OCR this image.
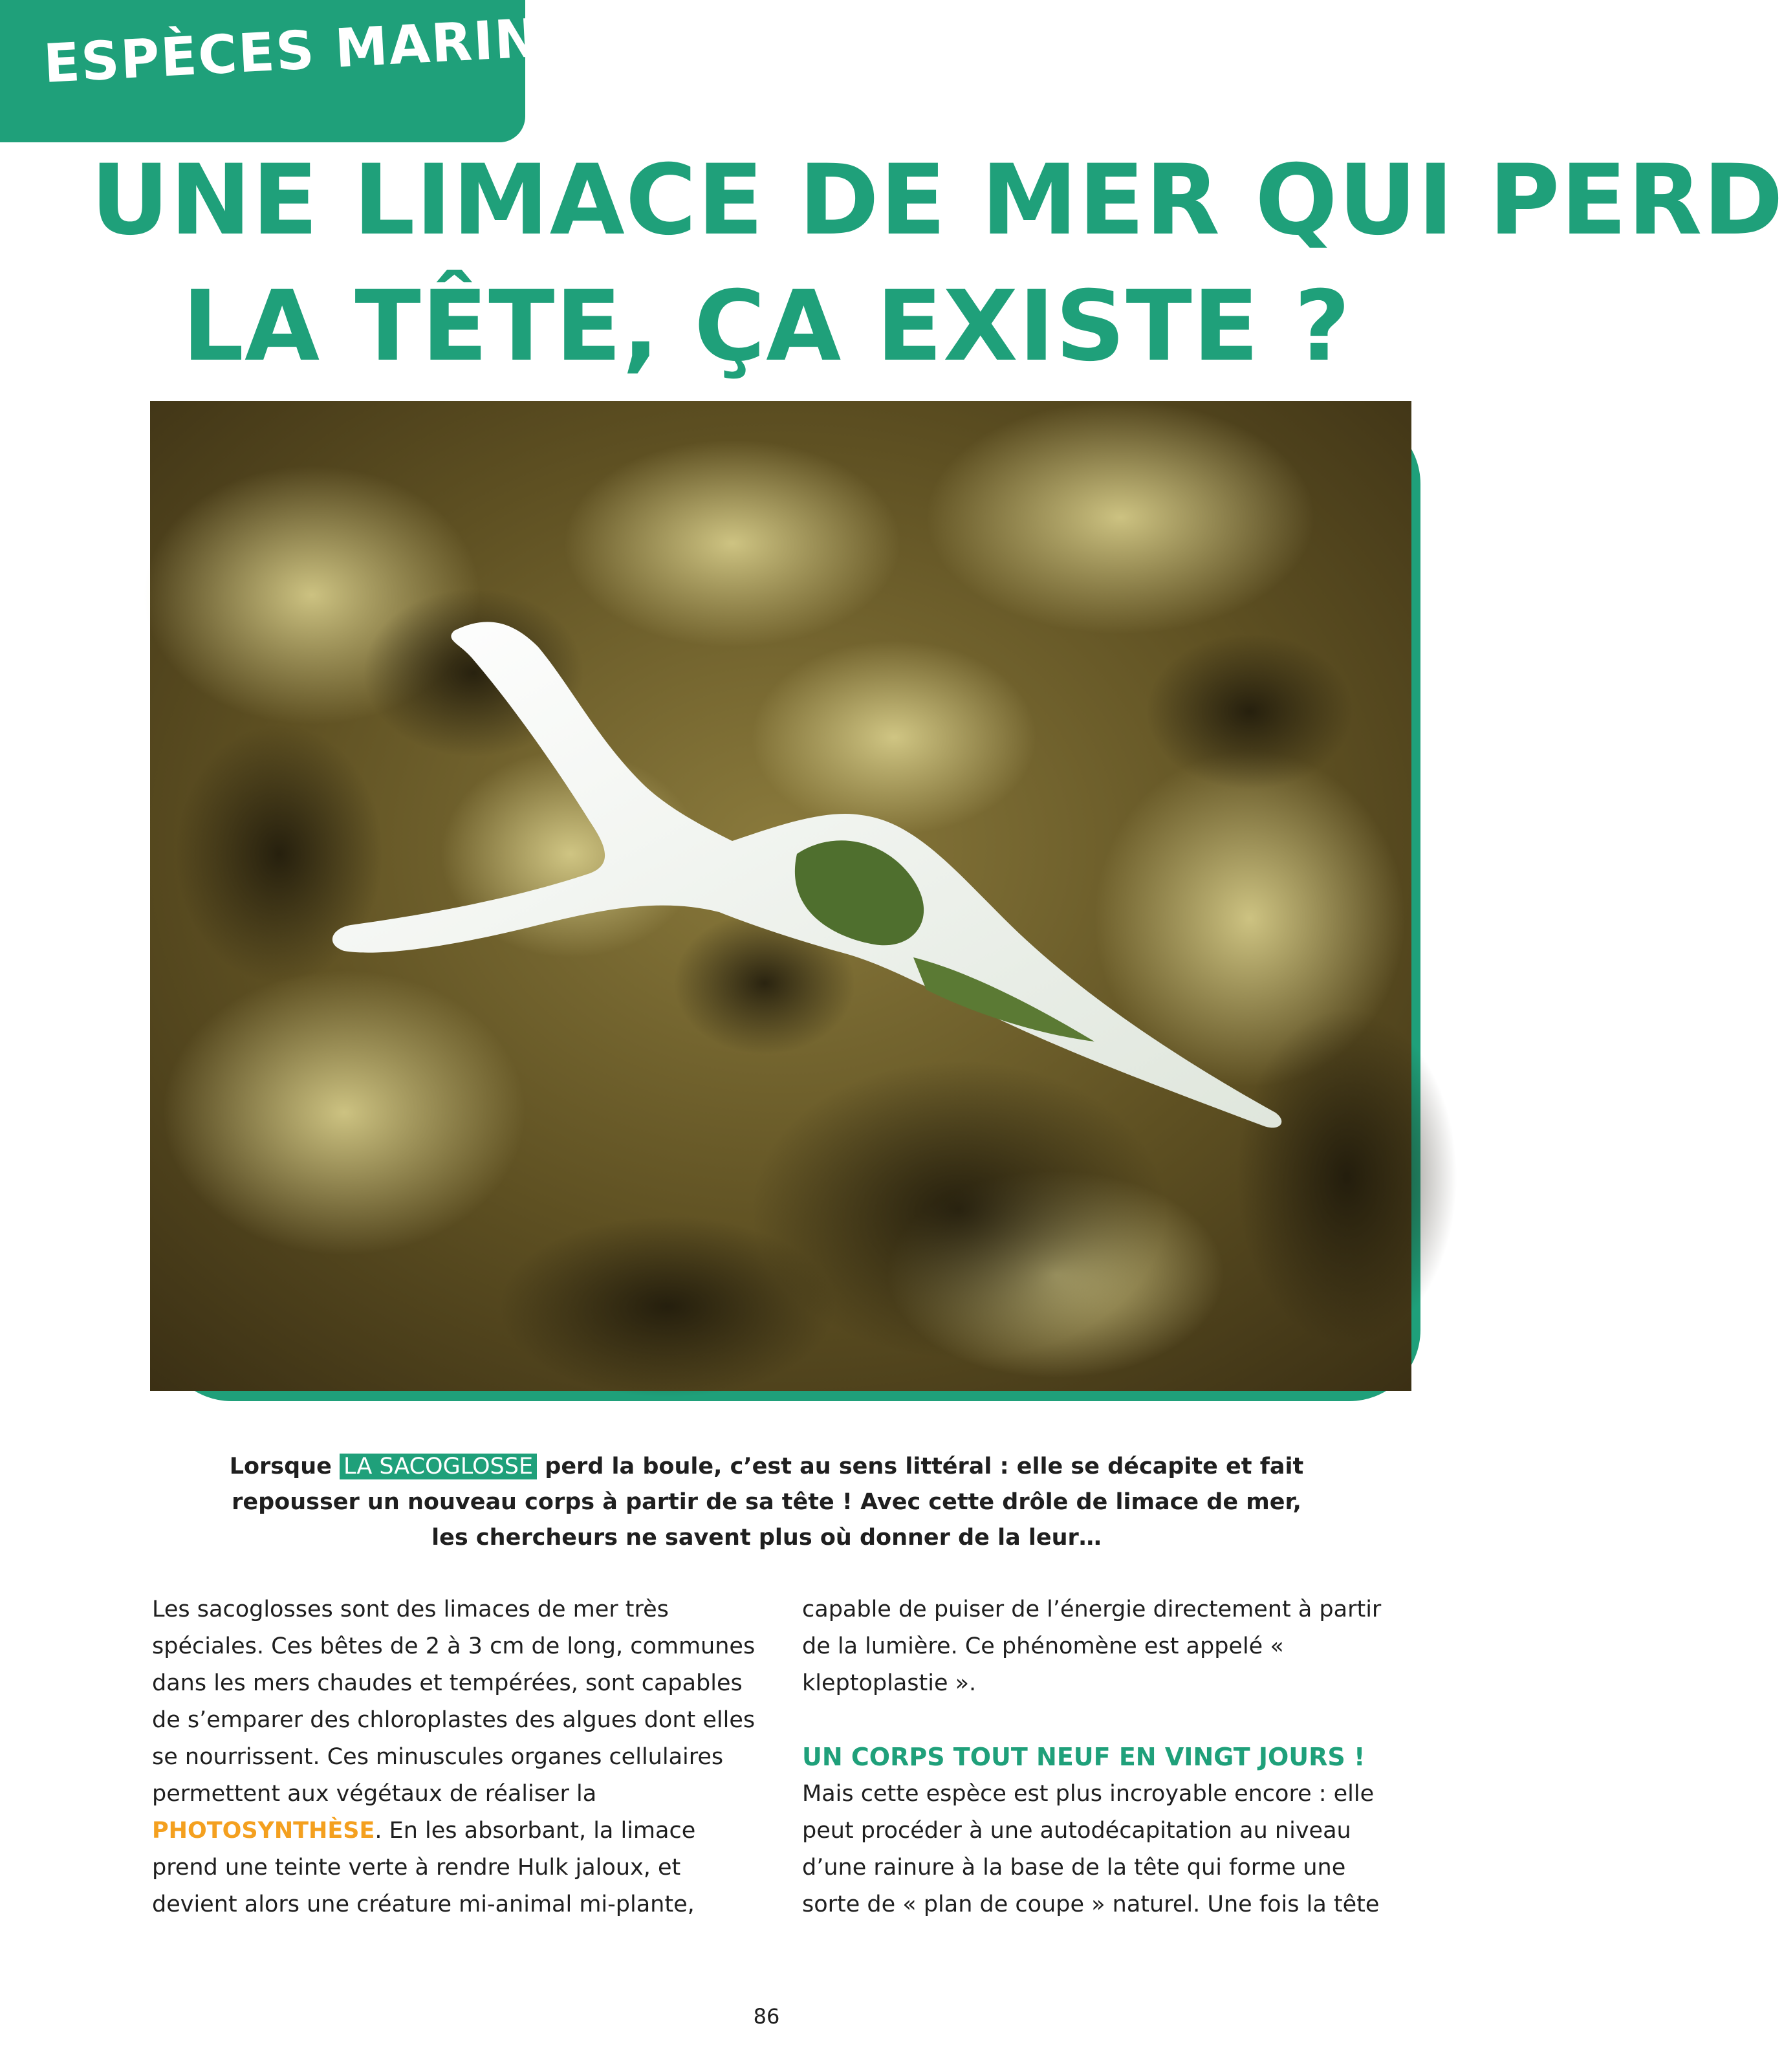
ESPÈCES MARINES
UNE LIMACE DE MER QUI PERD
LA TÊTE, ÇA EXISTE ?
Lorsque LA SACOGLOSSE perd la boule, c’est au sens littéral : elle se décapite et fait repousser un nouveau corps à partir de sa tête ! Avec cette drôle de limace de mer, les chercheurs ne savent plus où donner de la leur…

Les sacoglosses sont des limaces de mer très spéciales. Ces bêtes de 2 à 3 cm de long, communes dans les mers chaudes et tempérées, sont capables de s’emparer des chloroplastes des algues dont elles se nourrissent. Ces minuscules organes cellulaires permettent aux végétaux de réaliser la PHOTOSYNTHÈSE. En les absorbant, la limace prend une teinte verte à rendre Hulk jaloux, et devient alors une créature mi-animal mi-plante,

capable de puiser de l’énergie directement à partir de la lumière. Ce phénomène est appelé « kleptoplastie ».

UN CORPS TOUT NEUF EN VINGT JOURS !

Mais cette espèce est plus incroyable encore : elle peut procéder à une autodécapitation au niveau d’une rainure à la base de la tête qui forme une sorte de « plan de coupe » naturel. Une fois la tête

86
